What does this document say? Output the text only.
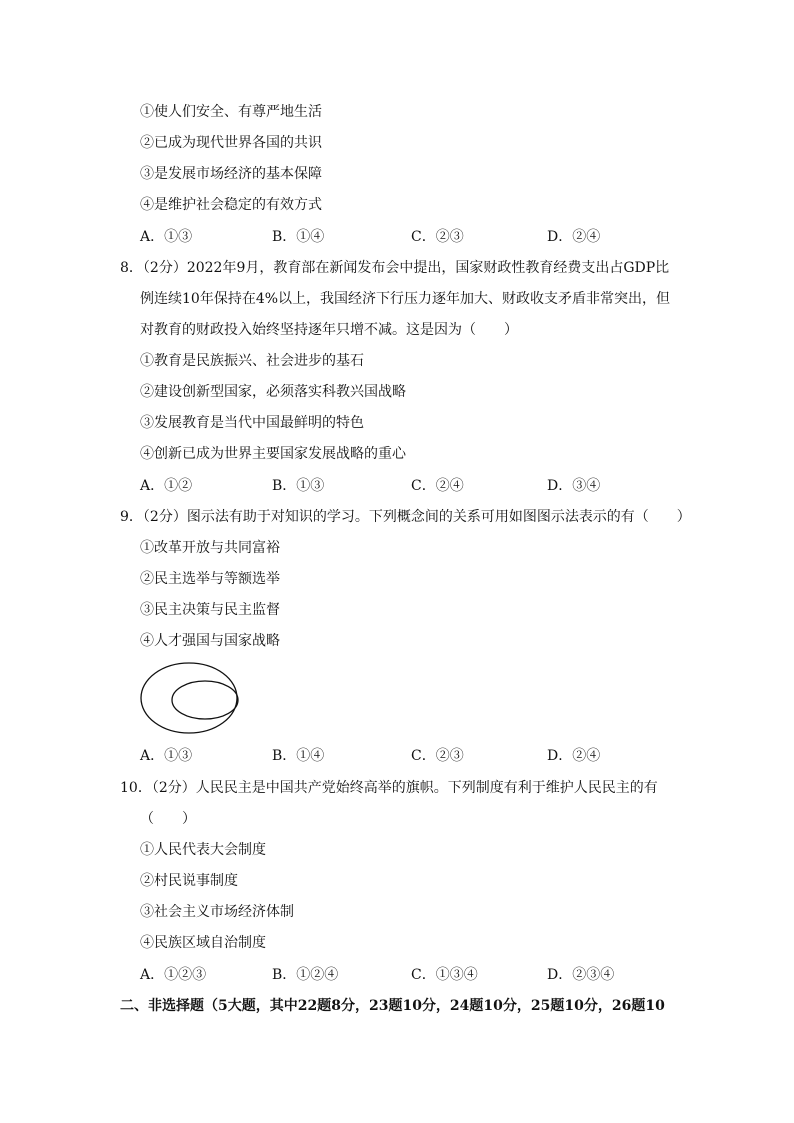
①使人们安全、有尊严地生活
②已成为现代世界各国的共识
③是发展市场经济的基本保障
④是维护社会稳定的有效方式
A．①③	B．①④	C．②③	D．②④
8．（2分）2022年9月，教育部在新闻发布会中提出，国家财政性教育经费支出占GDP比
例连续10年保持在4%以上，我国经济下行压力逐年加大、财政收支矛盾非常突出，但
对教育的财政投入始终坚持逐年只增不减。这是因为（　　）
①教育是民族振兴、社会进步的基石
②建设创新型国家，必须落实科教兴国战略
③发展教育是当代中国最鲜明的特色
④创新已成为世界主要国家发展战略的重心
A．①②	B．①③	C．②④	D．③④
9．（2分）图示法有助于对知识的学习。下列概念间的关系可用如图图示法表示的有（　　）
①改革开放与共同富裕
②民主选举与等额选举
③民主决策与民主监督
④人才强国与国家战略
A．①③	B．①④	C．②③	D．②④
10．（2分）人民民主是中国共产党始终高举的旗帜。下列制度有利于维护人民民主的有
（　　）
①人民代表大会制度
②村民说事制度
③社会主义市场经济体制
④民族区域自治制度
A．①②③	B．①②④	C．①③④	D．②③④
二、非选择题（5大题，其中22题8分，23题10分，24题10分，25题10分，26题10
